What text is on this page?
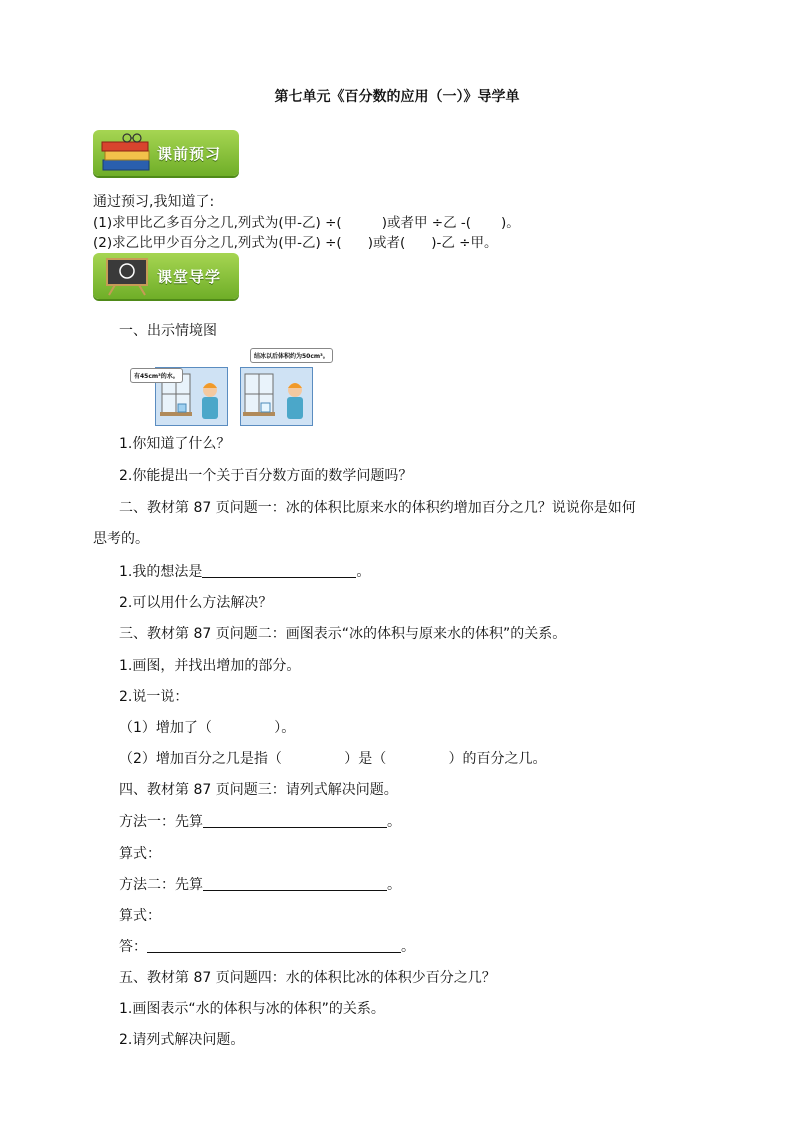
第七单元《百分数的应用（一）》导学单
课前预习
通过预习,我知道了:
(1)求甲比乙多百分之几,列式为(甲-乙) ÷(	)或者甲 ÷乙 -( )。
(2)求乙比甲少百分之几,列式为(甲-乙) ÷( )或者( )-乙 ÷甲。
课堂导学
一、出示情境图
有45cm³的水。
结冰以后体积约为50cm³。
1.你知道了什么？
2.你能提出一个关于百分数方面的数学问题吗？
二、教材第 87 页问题一：冰的体积比原来水的体积约增加百分之几？说说你是如何
思考的。
1.我的想法是	。
2.可以用什么方法解决？
三、教材第 87 页问题二：画图表示“冰的体积与原来水的体积”的关系。
1.画图，并找出增加的部分。
2.说一说：
（1）增加了（              ）。
（2）增加百分之几是指（              ）是（              ）的百分之几。
四、教材第 87 页问题三：请列式解决问题。
方法一：先算	。
算式：
方法二：先算	。
算式：
答：	。
五、教材第 87 页问题四：水的体积比冰的体积少百分之几？
1.画图表示“水的体积与冰的体积”的关系。
2.请列式解决问题。
